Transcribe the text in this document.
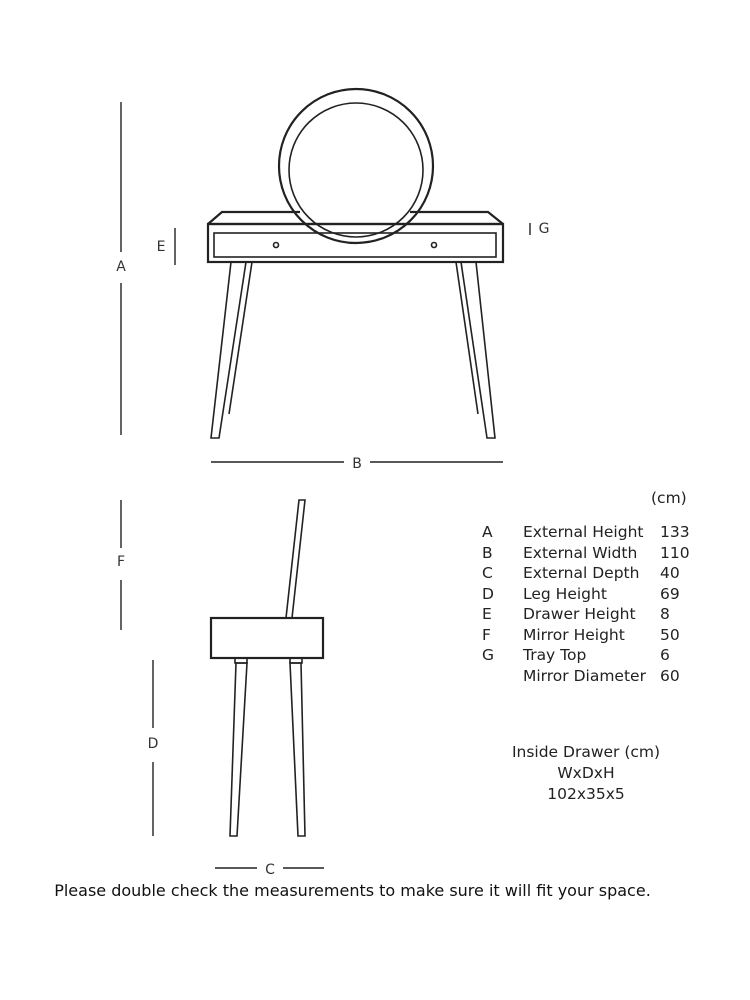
A
E
G
B
F
D
C
(cm)
A	External Height	133
B	External Width	110
C	External Depth	40
D	Leg Height	69
E	Drawer Height	8
F	Mirror Height	50
G	Tray Top	6
	Mirror Diameter	60
Inside Drawer (cm)
WxDxH
102x35x5
Please double check the measurements to make sure it will fit your space.
